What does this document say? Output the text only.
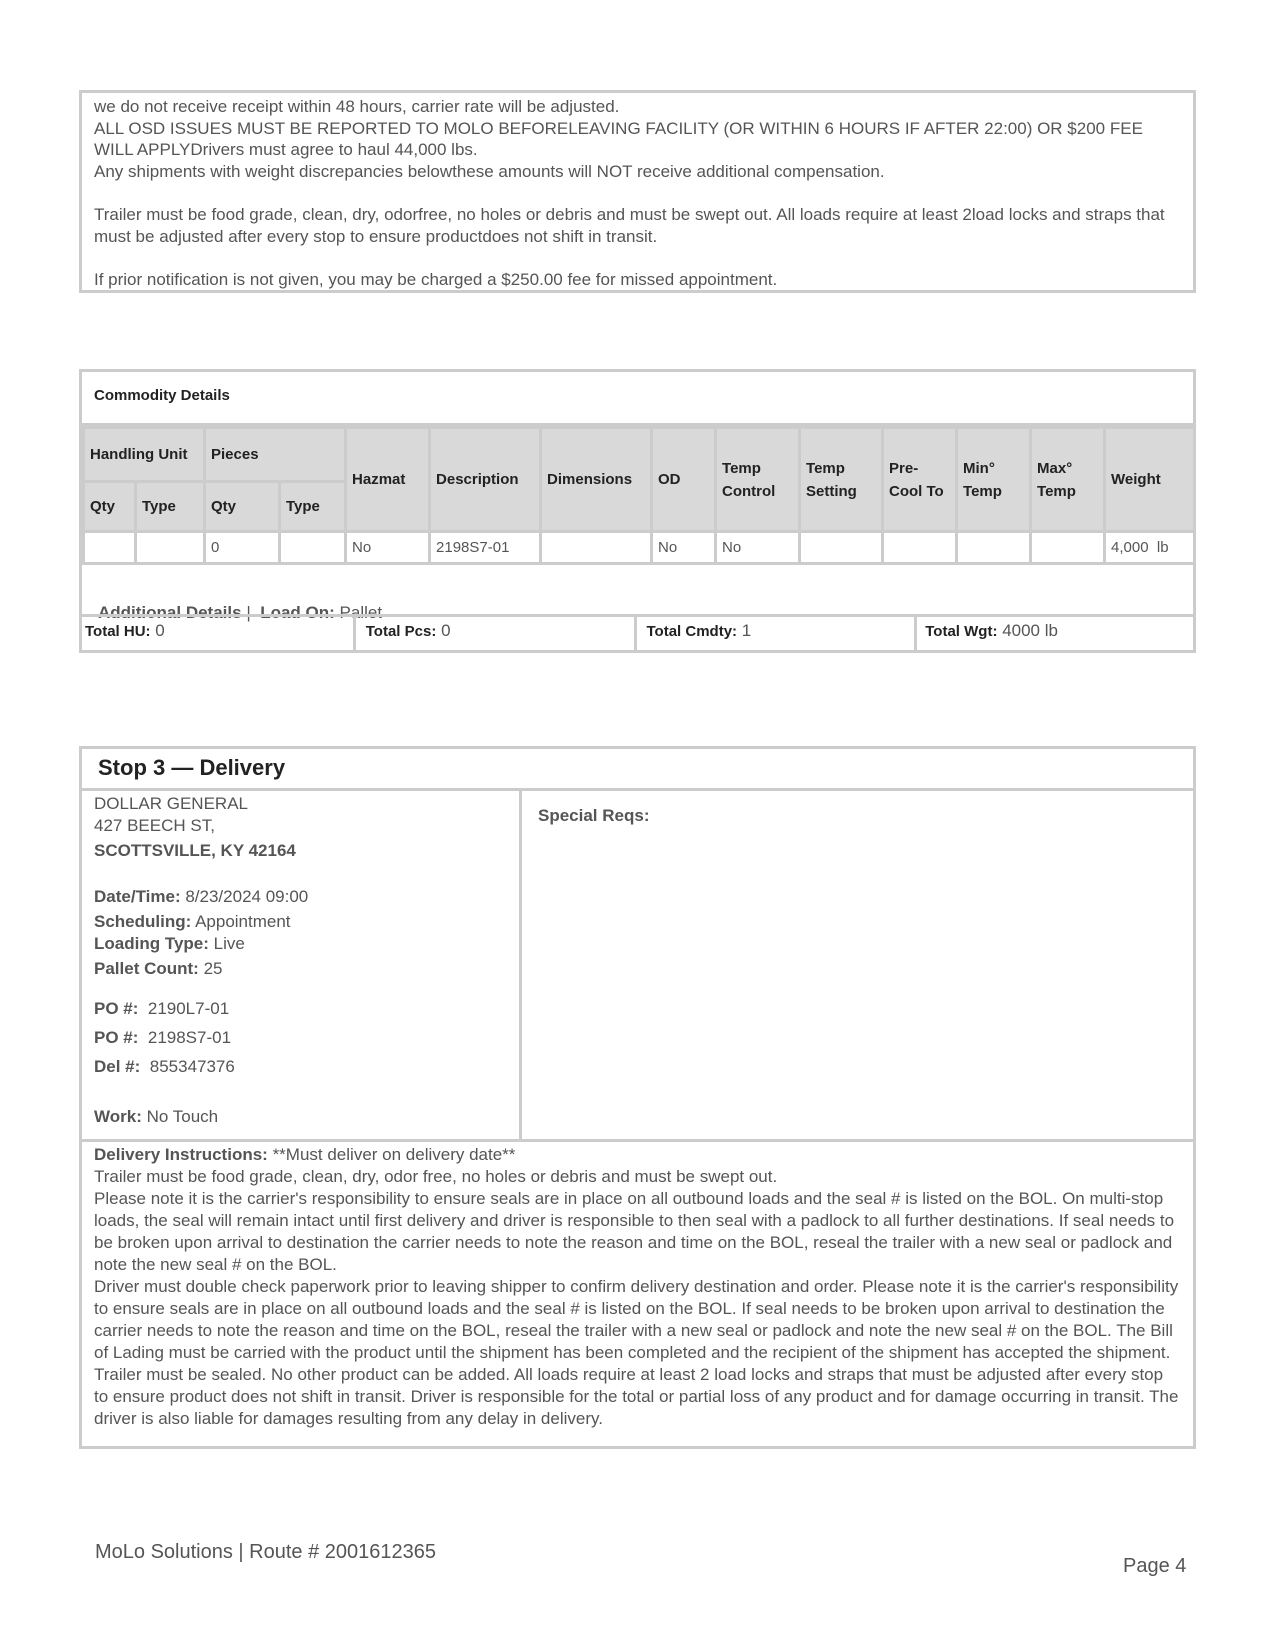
we do not receive receipt within 48 hours, carrier rate will be adjusted.

ALL OSD ISSUES MUST BE REPORTED TO MOLO BEFORELEAVING FACILITY (OR WITHIN 6 HOURS IF AFTER 22:00) OR $200 FEE WILL APPLYDrivers must agree to haul 44,000 lbs.

Any shipments with weight discrepancies belowthese amounts will NOT receive additional compensation.

Trailer must be food grade, clean, dry, odorfree, no holes or debris and must be swept out. All loads require at least 2load locks and straps that must be adjusted after every stop to ensure productdoes not shift in transit.

If prior notification is not given, you may be charged a $250.00 fee for missed appointment.

Commodity Details
Handling Unit		Pieces		Hazmat	Description	Dimensions	OD	Temp Control	Temp Setting	Pre-Cool To	Min° Temp	Max° Temp	Weight
Qty	Type	Qty	Type										
		0		No	2198S7-01		No	No					4,000  lb
Additional Details | Load On: Pallet
Total HU: 0	Total Pcs: 0	Total Cmdty: 1	Total Wgt: 4000 lb
Stop 3 — Delivery
DOLLAR GENERAL
427 BEECH ST,
SCOTTSVILLE, KY 42164
Date/Time: 8/23/2024 09:00
Scheduling: Appointment
Loading Type: Live
Pallet Count: 25
PO #: 2190L7-01
PO #: 2198S7-01
Del #: 855347376
Work: No Touch
Special Reqs:

Delivery Instructions: **Must deliver on delivery date**

Trailer must be food grade, clean, dry, odor free, no holes or debris and must be swept out.

Please note it is the carrier's responsibility to ensure seals are in place on all outbound loads and the seal # is listed on the BOL. On multi-stop loads, the seal will remain intact until first delivery and driver is responsible to then seal with a padlock to all further destinations. If seal needs to be broken upon arrival to destination the carrier needs to note the reason and time on the BOL, reseal the trailer with a new seal or padlock and note the new seal # on the BOL.

Driver must double check paperwork prior to leaving shipper to confirm delivery destination and order. Please note it is the carrier's responsibility to ensure seals are in place on all outbound loads and the seal # is listed on the BOL. If seal needs to be broken upon arrival to destination the carrier needs to note the reason and time on the BOL, reseal the trailer with a new seal or padlock and note the new seal # on the BOL. The Bill of Lading must be carried with the product until the shipment has been completed and the recipient of the shipment has accepted the shipment. Trailer must be sealed. No other product can be added. All loads require at least 2 load locks and straps that must be adjusted after every stop to ensure product does not shift in transit. Driver is responsible for the total or partial loss of any product and for damage occurring in transit. The driver is also liable for damages resulting from any delay in delivery.

MoLo Solutions | Route # 2001612365
Page 4
